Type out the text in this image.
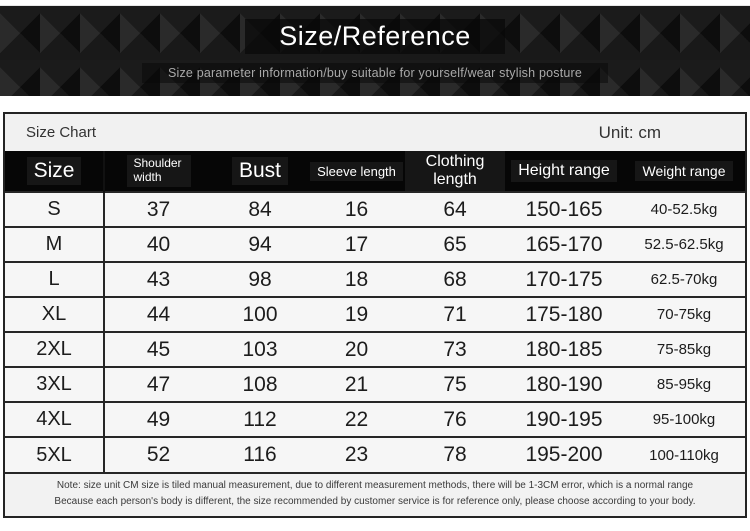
Size/Reference
Size parameter information/buy suitable for yourself/wear stylish posture
Size Chart	Unit: cm
Size	Shoulder width	Bust	Sleeve length	Clothing length	Height range	Weight range
S	37	84	16	64	150-165	40-52.5kg
M	40	94	17	65	165-170	52.5-62.5kg
L	43	98	18	68	170-175	62.5-70kg
XL	44	100	19	71	175-180	70-75kg
2XL	45	103	20	73	180-185	75-85kg
3XL	47	108	21	75	180-190	85-95kg
4XL	49	112	22	76	190-195	95-100kg
5XL	52	116	23	78	195-200	100-110kg
Note: size unit CM size is tiled manual measurement, due to different measurement methods, there will be 1-3CM error, which is a normal range
Because each person's body is different, the size recommended by customer service is for reference only, please choose according to your body.
